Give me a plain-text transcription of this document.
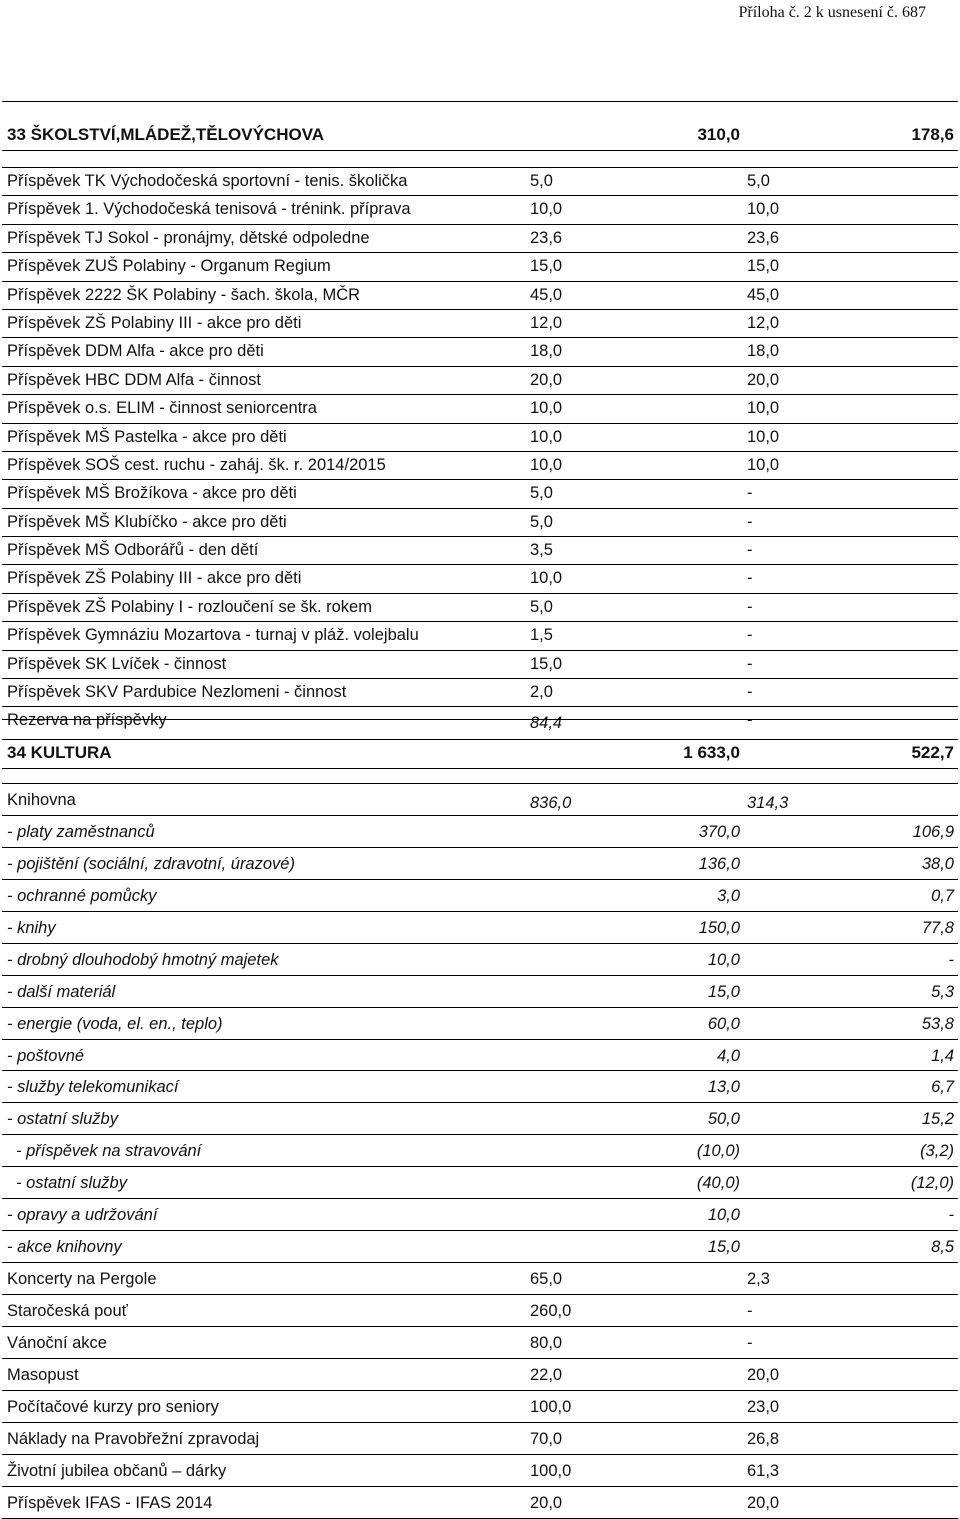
Příloha č. 2 k usnesení č. 687
33 ŠKOLSTVÍ,MLÁDEŽ,TĚLOVÝCHOVA	310,0	178,6
Příspěvek TK Východočeská sportovní - tenis. školička	5,0	5,0
Příspěvek 1. Východočeská tenisová - trénink. příprava	10,0	10,0
Příspěvek TJ Sokol - pronájmy, dětské odpoledne	23,6	23,6
Příspěvek ZUŠ Polabiny - Organum Regium	15,0	15,0
Příspěvek 2222 ŠK Polabiny - šach. škola, MČR	45,0	45,0
Příspěvek ZŠ Polabiny III - akce pro děti	12,0	12,0
Příspěvek DDM Alfa - akce pro děti	18,0	18,0
Příspěvek HBC DDM Alfa - činnost	20,0	20,0
Příspěvek o.s. ELIM - činnost seniorcentra	10,0	10,0
Příspěvek MŠ Pastelka - akce pro děti	10,0	10,0
Příspěvek SOŠ cest. ruchu - zaháj. šk. r. 2014/2015	10,0	10,0
Příspěvek MŠ Brožíkova - akce pro děti	5,0	-
Příspěvek MŠ Klubíčko - akce pro děti	5,0	-
Příspěvek MŠ Odborářů - den dětí	3,5	-
Příspěvek ZŠ Polabiny III - akce pro děti	10,0	-
Příspěvek ZŠ Polabiny I - rozloučení se šk. rokem	5,0	-
Příspěvek Gymnáziu Mozartova - turnaj v pláž. volejbalu	1,5	-
Příspěvek SK Lvíček - činnost	15,0	-
Příspěvek SKV Pardubice Nezlomeni - činnost	2,0	-
Rezerva na příspěvky	84,4	-
34 KULTURA	1 633,0	522,7
Knihovna	836,0	314,3
- platy zaměstnanců	370,0	106,9
- pojištění (sociální, zdravotní, úrazové)	136,0	38,0
- ochranné pomůcky	3,0	0,7
- knihy	150,0	77,8
- drobný dlouhodobý hmotný majetek	10,0	-
- další materiál	15,0	5,3
- energie (voda, el. en., teplo)	60,0	53,8
- poštovné	4,0	1,4
- služby telekomunikací	13,0	6,7
- ostatní služby	50,0	15,2
- příspěvek na stravování	(10,0)	(3,2)
- ostatní služby	(40,0)	(12,0)
- opravy a udržování	10,0	-
- akce knihovny	15,0	8,5
Koncerty na Pergole	65,0	2,3
Staročeská pouť	260,0	-
Vánoční akce	80,0	-
Masopust	22,0	20,0
Počítačové kurzy pro seniory	100,0	23,0
Náklady na Pravobřežní zpravodaj	70,0	26,8
Životní jubilea občanů – dárky	100,0	61,3
Příspěvek IFAS - IFAS 2014	20,0	20,0
